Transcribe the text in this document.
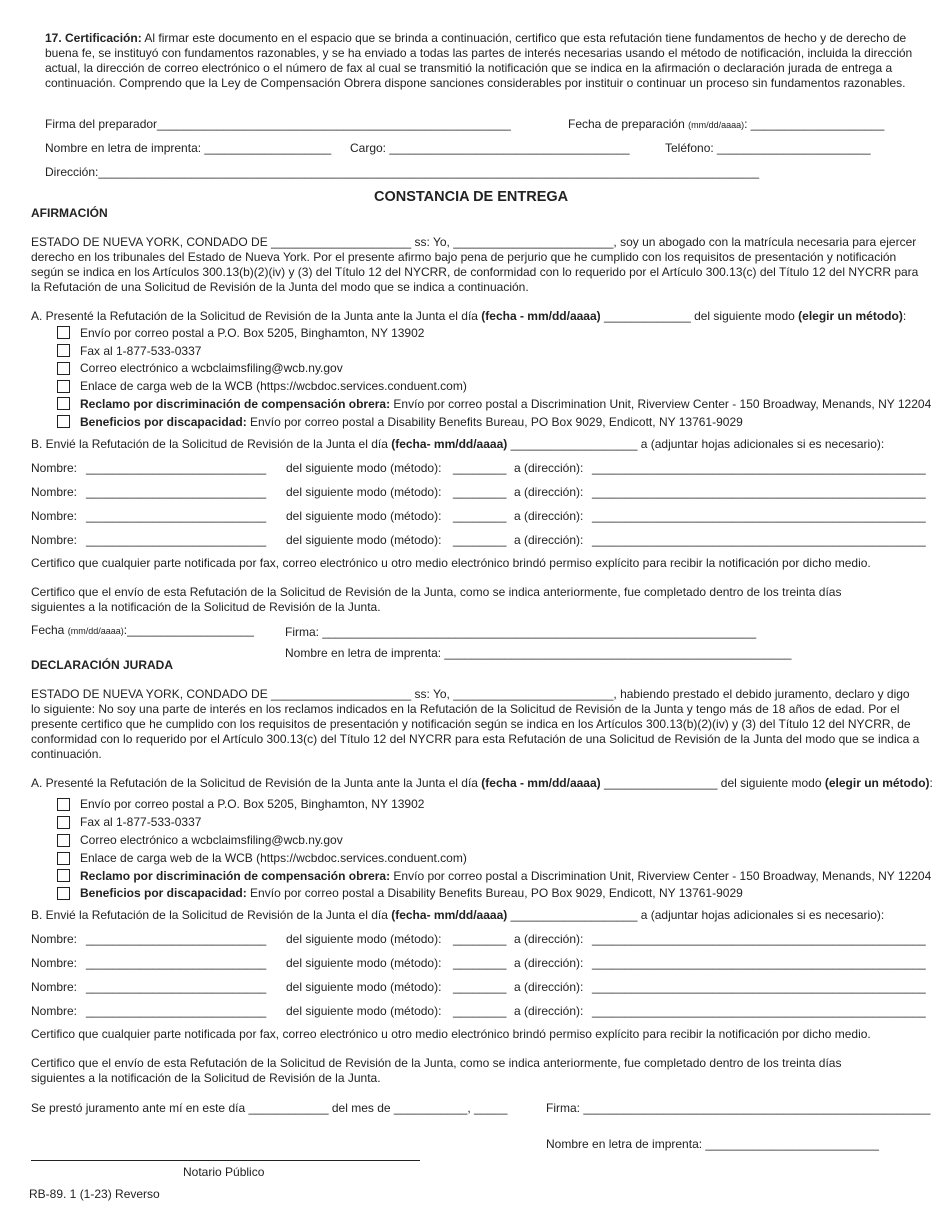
17. Certificación: Al firmar este documento en el espacio que se brinda a continuación, certifico que esta refutación tiene fundamentos de hecho y de derecho de buena fe, se instituyó con fundamentos razonables, y se ha enviado a todas las partes de interés necesarias usando el método de notificación, incluida la dirección actual, la dirección de correo electrónico o el número de fax al cual se transmitió la notificación que se indica en la afirmación o declaración jurada de entrega a continuación. Comprendo que la Ley de Compensación Obrera dispone sanciones considerables por instituir o continuar un proceso sin fundamentos razonables.
Firma del preparador_____________________________________________________	Fecha de preparación (mm/dd/aaaa): ____________________
Nombre en letra de imprenta: ___________________ Cargo: ____________________________________	Teléfono: _______________________
Dirección:___________________________________________________________________________________________________
CONSTANCIA DE ENTREGA
AFIRMACIÓN
ESTADO DE NUEVA YORK, CONDADO DE _____________________ ss: Yo, ________________________, soy un abogado con la matrícula necesaria para ejercer derecho en los tribunales del Estado de Nueva York. Por el presente afirmo bajo pena de perjurio que he cumplido con los requisitos de presentación y notificación según se indica en los Artículos 300.13(b)(2)(iv) y (3) del Título 12 del NYCRR, de conformidad con lo requerido por el Artículo 300.13(c) del Título 12 del NYCRR para la Refutación de una Solicitud de Revisión de la Junta del modo que se indica a continuación.
A. Presenté la Refutación de la Solicitud de Revisión de la Junta ante la Junta el día (fecha - mm/dd/aaaa) _____________ del siguiente modo (elegir un método):
Envío por correo postal a P.O. Box 5205, Binghamton, NY 13902
Fax al 1-877-533-0337
Correo electrónico a wcbclaimsfiling@wcb.ny.gov
Enlace de carga web de la WCB (https://wcbdoc.services.conduent.com)
Reclamo por discriminación de compensación obrera: Envío por correo postal a Discrimination Unit, Riverview Center - 150 Broadway, Menands, NY 12204
Beneficios por discapacidad: Envío por correo postal a Disability Benefits Bureau, PO Box 9029, Endicott, NY 13761-9029
B. Envié la Refutación de la Solicitud de Revisión de la Junta el día (fecha- mm/dd/aaaa) ___________________ a (adjuntar hojas adicionales si es necesario):
Nombre: ___________________________ del siguiente modo (método): ________ a (dirección): __________________________________________________
Nombre: ___________________________ del siguiente modo (método): ________ a (dirección): __________________________________________________
Nombre: ___________________________ del siguiente modo (método): ________ a (dirección): __________________________________________________
Nombre: ___________________________ del siguiente modo (método): ________ a (dirección): __________________________________________________
Certifico que cualquier parte notificada por fax, correo electrónico u otro medio electrónico brindó permiso explícito para recibir la notificación por dicho medio.
Certifico que el envío de esta Refutación de la Solicitud de Revisión de la Junta, como se indica anteriormente, fue completado dentro de los treinta días siguientes a la notificación de la Solicitud de Revisión de la Junta.
Fecha (mm/dd/aaaa):___________________	Firma: _________________________________________________________________
Nombre en letra de imprenta: ____________________________________________________
DECLARACIÓN JURADA
ESTADO DE NUEVA YORK, CONDADO DE _____________________ ss: Yo, ________________________, habiendo prestado el debido juramento, declaro y digo lo siguiente: No soy una parte de interés en los reclamos indicados en la Refutación de la Solicitud de Revisión de la Junta y tengo más de 18 años de edad. Por el presente certifico que he cumplido con los requisitos de presentación y notificación según se indica en los Artículos 300.13(b)(2)(iv) y (3) del Título 12 del NYCRR, de conformidad con lo requerido por el Artículo 300.13(c) del Título 12 del NYCRR para esta Refutación de una Solicitud de Revisión de la Junta del modo que se indica a continuación.
A. Presenté la Refutación de la Solicitud de Revisión de la Junta ante la Junta el día (fecha - mm/dd/aaaa) _________________ del siguiente modo (elegir un método):
Envío por correo postal a P.O. Box 5205, Binghamton, NY 13902
Fax al 1-877-533-0337
Correo electrónico a wcbclaimsfiling@wcb.ny.gov
Enlace de carga web de la WCB (https://wcbdoc.services.conduent.com)
Reclamo por discriminación de compensación obrera: Envío por correo postal a Discrimination Unit, Riverview Center - 150 Broadway, Menands, NY 12204
Beneficios por discapacidad: Envío por correo postal a Disability Benefits Bureau, PO Box 9029, Endicott, NY 13761-9029
B. Envié la Refutación de la Solicitud de Revisión de la Junta el día (fecha- mm/dd/aaaa) ___________________ a (adjuntar hojas adicionales si es necesario):
Nombre: ___________________________ del siguiente modo (método): ________ a (dirección): __________________________________________________
Nombre: ___________________________ del siguiente modo (método): ________ a (dirección): __________________________________________________
Nombre: ___________________________ del siguiente modo (método): ________ a (dirección): __________________________________________________
Nombre: ___________________________ del siguiente modo (método): ________ a (dirección): __________________________________________________
Certifico que cualquier parte notificada por fax, correo electrónico u otro medio electrónico brindó permiso explícito para recibir la notificación por dicho medio.
Certifico que el envío de esta Refutación de la Solicitud de Revisión de la Junta, como se indica anteriormente, fue completado dentro de los treinta días siguientes a la notificación de la Solicitud de Revisión de la Junta.
Se prestó juramento ante mí en este día ____________ del mes de ___________, _____	Firma: ____________________________________________________
Nombre en letra de imprenta: __________________________
Notario Público
RB-89. 1 (1-23) Reverso
